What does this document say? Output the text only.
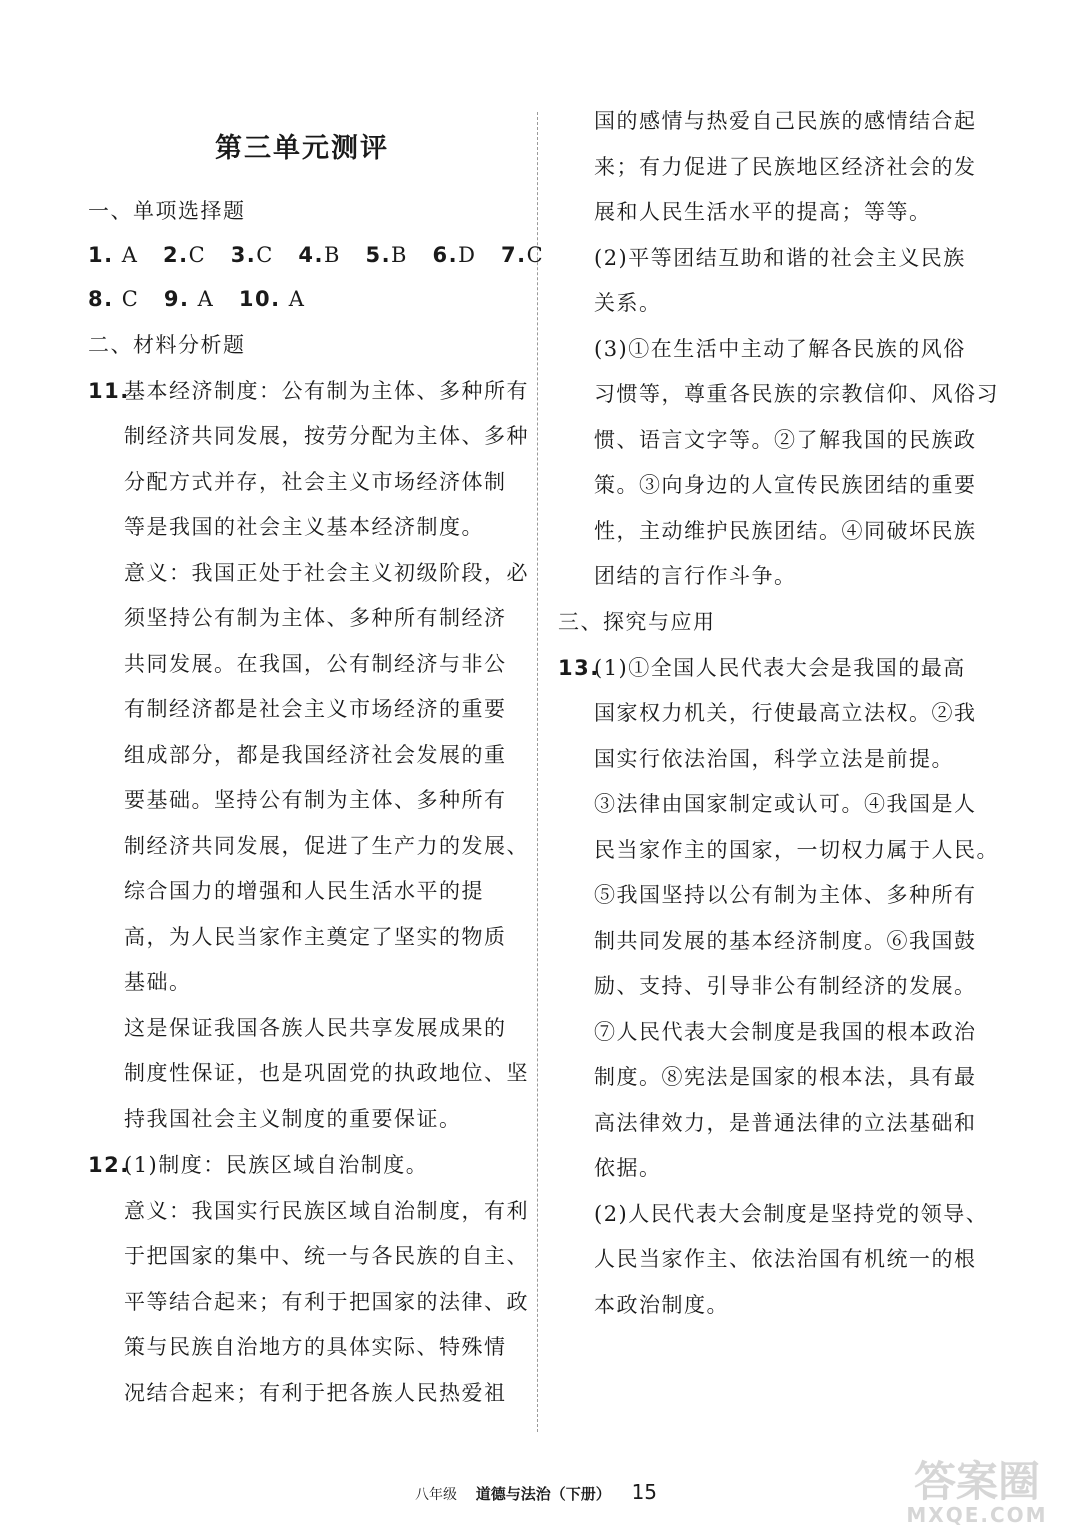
第三单元测评
一、单项选择题
1. A 2.C 3.C 4.B 5.B 6.D 7.C
8. C 9. A 10. A
二、材料分析题
11.
基本经济制度：公有制为主体、多种所有
制经济共同发展，按劳分配为主体、多种
分配方式并存，社会主义市场经济体制
等是我国的社会主义基本经济制度。
意义：我国正处于社会主义初级阶段，必
须坚持公有制为主体、多种所有制经济
共同发展。在我国，公有制经济与非公
有制经济都是社会主义市场经济的重要
组成部分，都是我国经济社会发展的重
要基础。坚持公有制为主体、多种所有
制经济共同发展，促进了生产力的发展、
综合国力的增强和人民生活水平的提
高，为人民当家作主奠定了坚实的物质
基础。
这是保证我国各族人民共享发展成果的
制度性保证，也是巩固党的执政地位、坚
持我国社会主义制度的重要保证。
12.
(1)制度：民族区域自治制度。
意义：我国实行民族区域自治制度，有利
于把国家的集中、统一与各民族的自主、
平等结合起来；有利于把国家的法律、政
策与民族自治地方的具体实际、特殊情
况结合起来；有利于把各族人民热爱祖
国的感情与热爱自己民族的感情结合起
来；有力促进了民族地区经济社会的发
展和人民生活水平的提高；等等。
(2)平等团结互助和谐的社会主义民族
关系。
(3)①在生活中主动了解各民族的风俗
习惯等，尊重各民族的宗教信仰、风俗习
惯、语言文字等。②了解我国的民族政
策。③向身边的人宣传民族团结的重要
性，主动维护民族团结。④同破坏民族
团结的言行作斗争。
三、探究与应用
13.
(1)①全国人民代表大会是我国的最高
国家权力机关，行使最高立法权。②我
国实行依法治国，科学立法是前提。
③法律由国家制定或认可。④我国是人
民当家作主的国家，一切权力属于人民。
⑤我国坚持以公有制为主体、多种所有
制共同发展的基本经济制度。⑥我国鼓
励、支持、引导非公有制经济的发展。
⑦人民代表大会制度是我国的根本政治
制度。⑧宪法是国家的根本法，具有最
高法律效力，是普通法律的立法基础和
依据。
(2)人民代表大会制度是坚持党的领导、
人民当家作主、依法治国有机统一的根
本政治制度。
八年级 道德与法治（下册） 15	答案圈
MXQE.COM
